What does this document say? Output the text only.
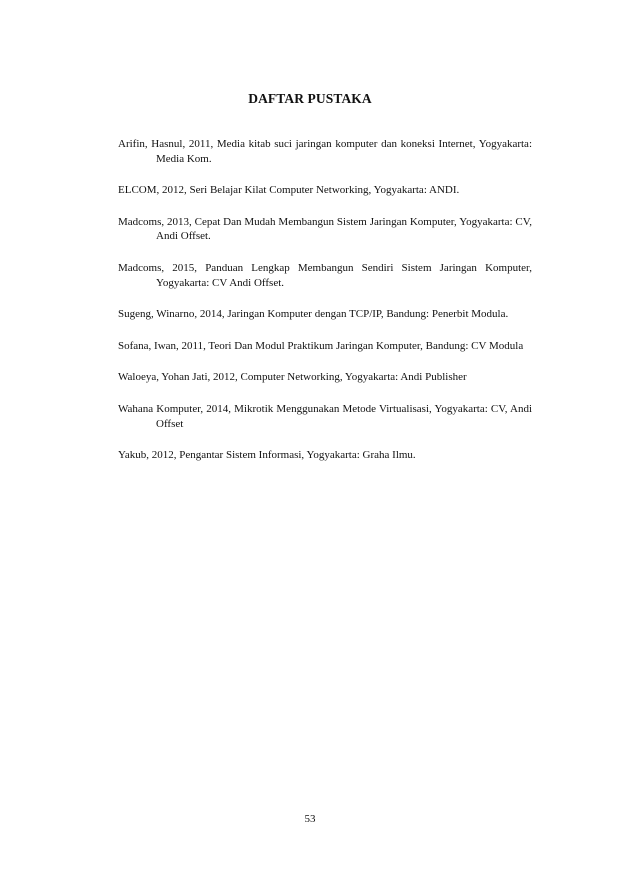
DAFTAR PUSTAKA
Arifin, Hasnul, 2011, Media kitab suci jaringan komputer dan koneksi Internet, Yogyakarta: Media Kom.
ELCOM, 2012, Seri Belajar Kilat Computer Networking, Yogyakarta: ANDI.
Madcoms, 2013, Cepat Dan Mudah Membangun Sistem Jaringan Komputer, Yogyakarta: CV, Andi Offset.
Madcoms, 2015, Panduan Lengkap Membangun Sendiri Sistem Jaringan Komputer, Yogyakarta: CV Andi Offset.
Sugeng, Winarno, 2014, Jaringan Komputer dengan TCP/IP, Bandung: Penerbit Modula.
Sofana, Iwan, 2011, Teori Dan Modul Praktikum Jaringan Komputer, Bandung: CV Modula
Waloeya, Yohan Jati, 2012, Computer Networking, Yogyakarta: Andi Publisher
Wahana Komputer, 2014, Mikrotik Menggunakan Metode Virtualisasi, Yogyakarta: CV, Andi Offset
Yakub, 2012, Pengantar Sistem Informasi, Yogyakarta: Graha Ilmu.
53
